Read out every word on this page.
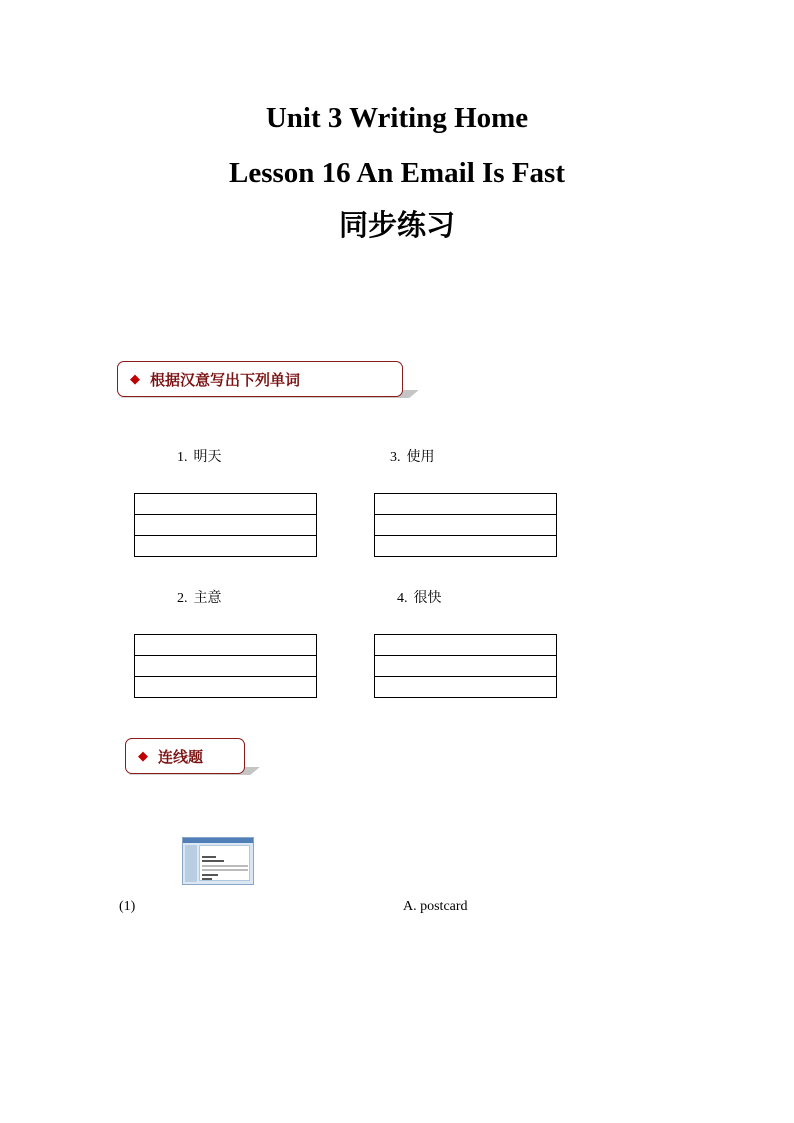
Unit 3 Writing Home
Lesson 16 An Email Is Fast
同步练习
◆ 根据汉意写出下列单词
1. 明天	3. 使用
2. 主意	4. 很快
◆ 连线题
(1)	A. postcard
